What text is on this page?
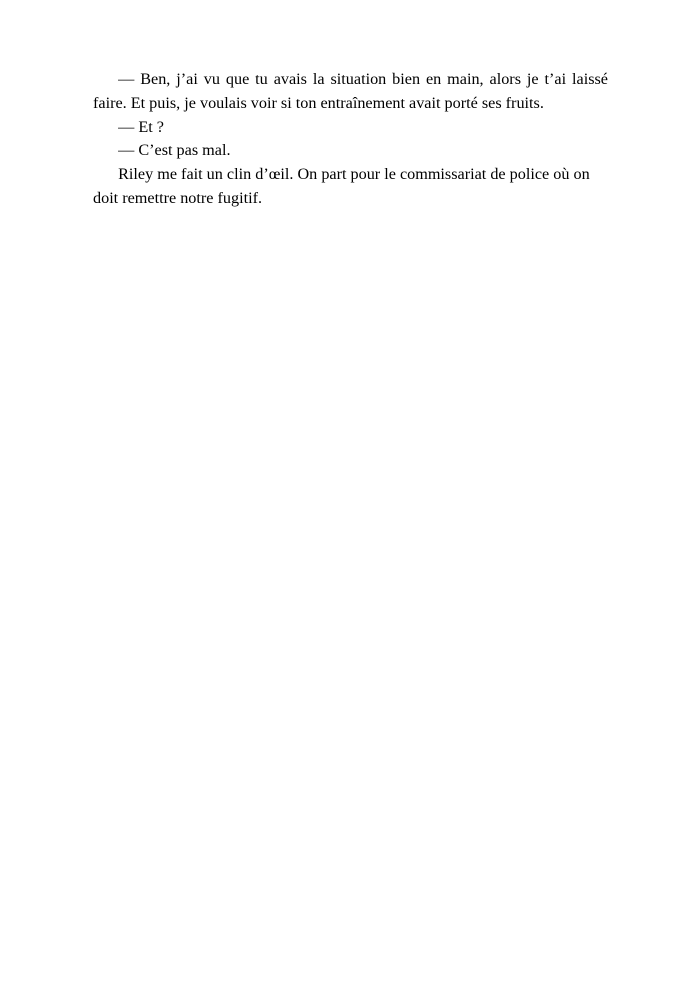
— Ben, j’ai vu que tu avais la situation bien en main, alors je t’ai laissé faire. Et puis, je voulais voir si ton entraînement avait porté ses fruits.

— Et ?

— C’est pas mal.

Riley me fait un clin d’œil. On part pour le commissariat de police où on doit remettre notre fugitif.
